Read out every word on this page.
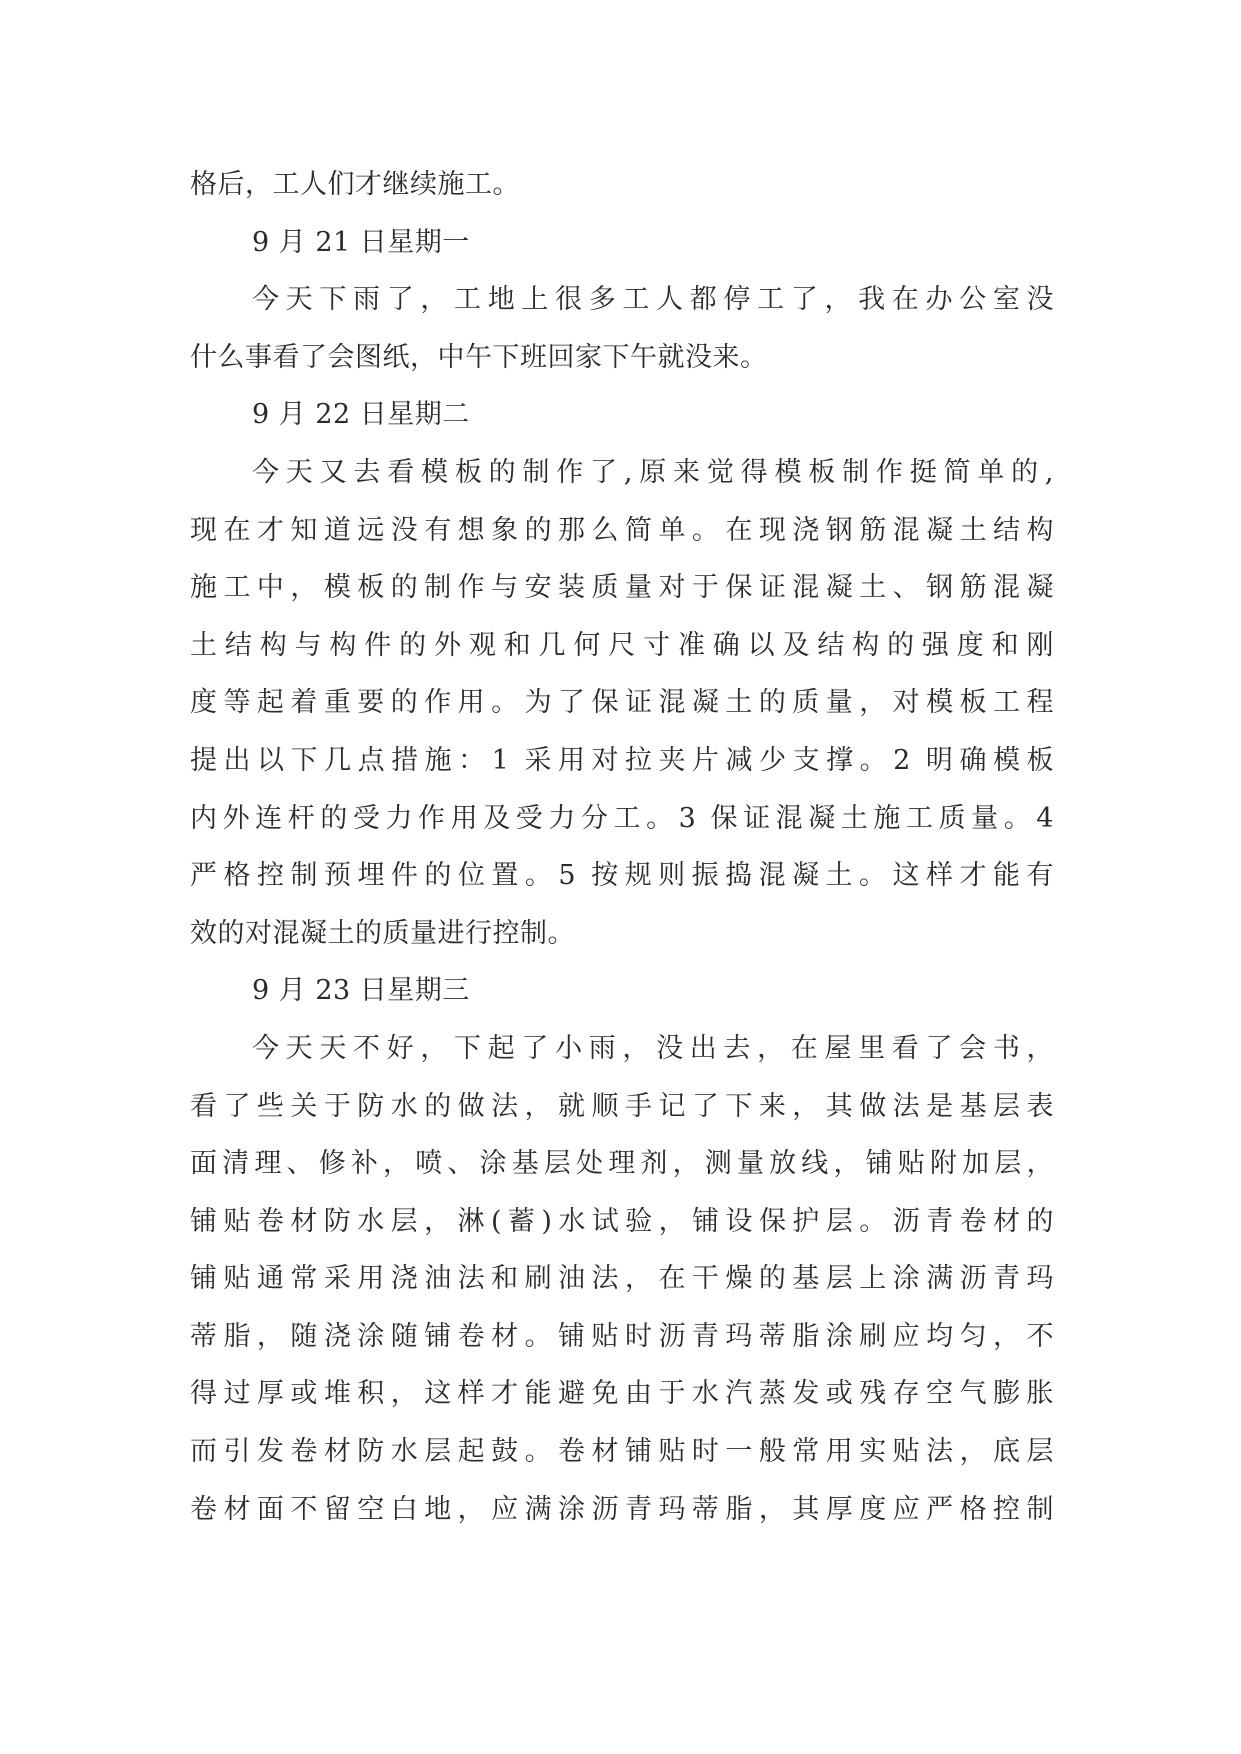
格后，工人们才继续施工。
9 月 21 日星期一
今天下雨了，工地上很多工人都停工了，我在办公室没
什么事看了会图纸，中午下班回家下午就没来。
9 月 22 日星期二
今天又去看模板的制作了,原来觉得模板制作挺简单的,
现在才知道远没有想象的那么简单。在现浇钢筋混凝土结构
施工中，模板的制作与安装质量对于保证混凝土、钢筋混凝
土结构与构件的外观和几何尺寸准确以及结构的强度和刚
度等起着重要的作用。为了保证混凝土的质量，对模板工程
提出以下几点措施：1 采用对拉夹片减少支撑。2 明确模板
内外连杆的受力作用及受力分工。3 保证混凝土施工质量。4
严格控制预埋件的位置。5 按规则振捣混凝土。这样才能有
效的对混凝土的质量进行控制。
9 月 23 日星期三
今天天不好，下起了小雨，没出去，在屋里看了会书，
看了些关于防水的做法，就顺手记了下来，其做法是基层表
面清理、修补，喷、涂基层处理剂，测量放线，铺贴附加层，
铺贴卷材防水层，淋(蓄)水试验，铺设保护层。沥青卷材的
铺贴通常采用浇油法和刷油法，在干燥的基层上涂满沥青玛
蒂脂，随浇涂随铺卷材。铺贴时沥青玛蒂脂涂刷应均匀，不
得过厚或堆积，这样才能避免由于水汽蒸发或残存空气膨胀
而引发卷材防水层起鼓。卷材铺贴时一般常用实贴法，底层
卷材面不留空白地，应满涂沥青玛蒂脂，其厚度应严格控制
